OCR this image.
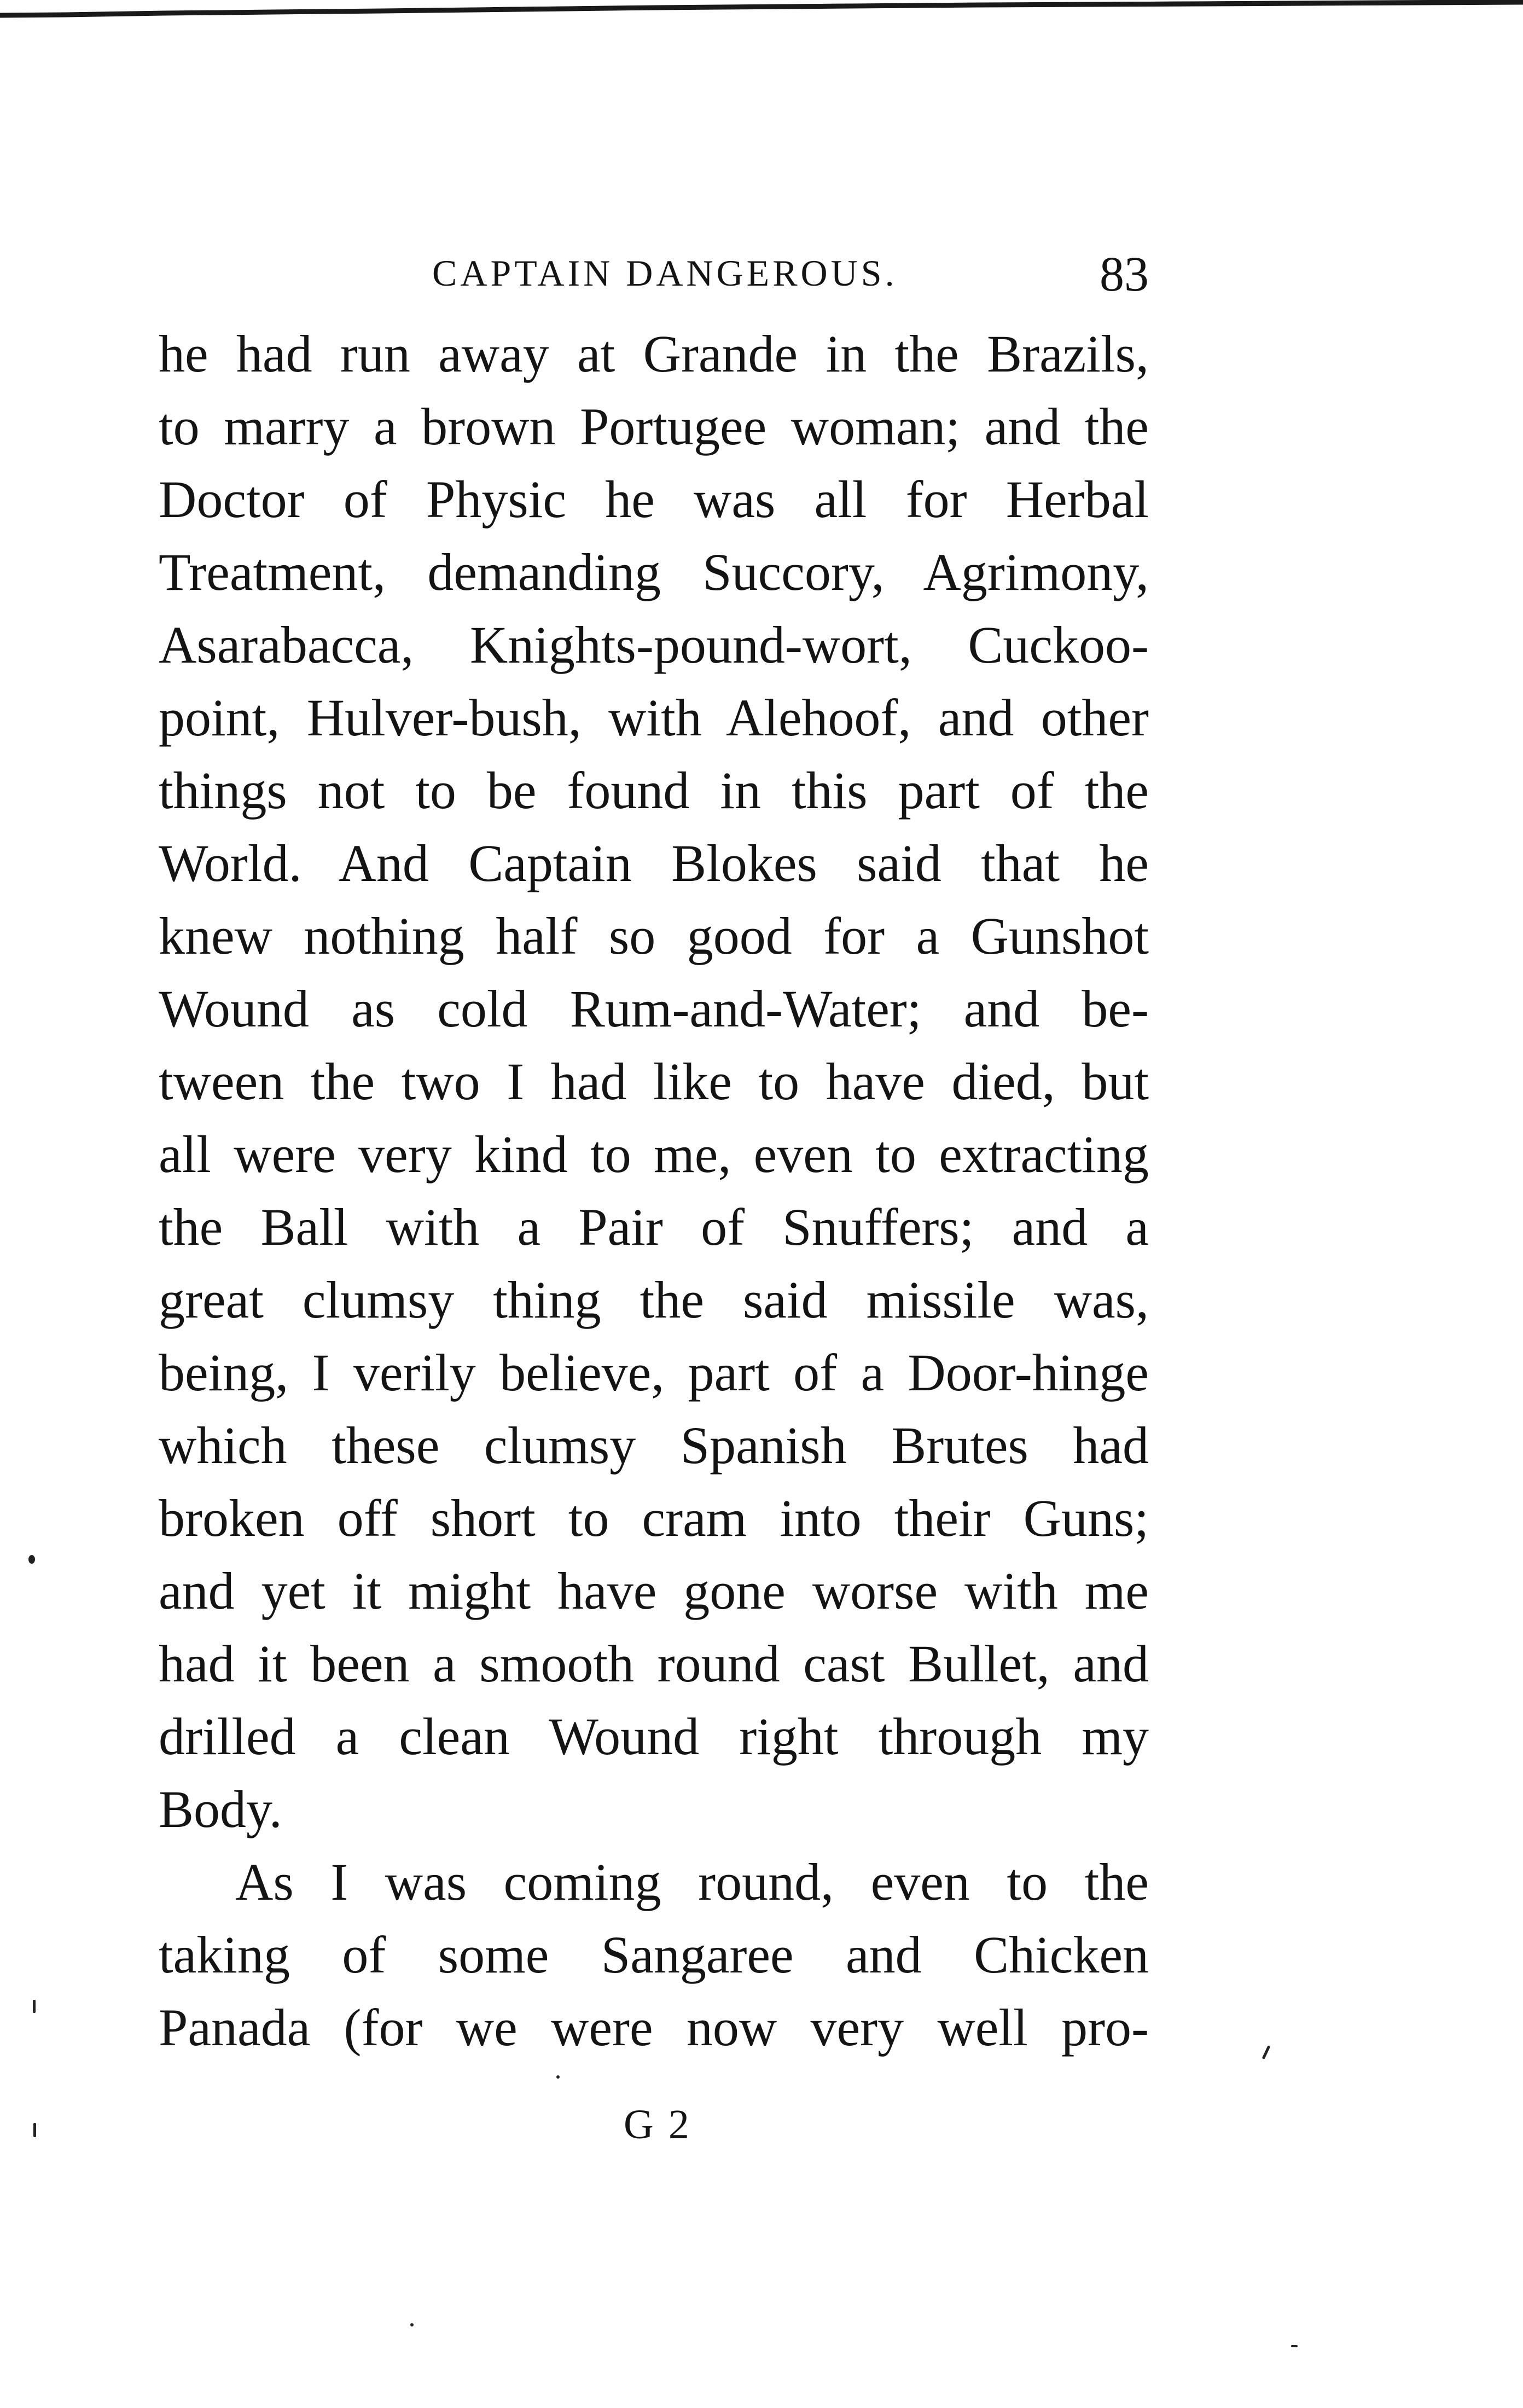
CAPTAIN DANGEROUS.	83
he had run away at Grande in the Brazils,
to marry a brown Portugee woman; and the
Doctor of Physic he was all for Herbal
Treatment, demanding Succory, Agrimony,
Asarabacca, Knights-pound-wort, Cuckoo-
point, Hulver-bush, with Alehoof, and other
things not to be found in this part of the
World. And Captain Blokes said that he
knew nothing half so good for a Gunshot
Wound as cold Rum-and-Water; and be-
tween the two I had like to have died, but
all were very kind to me, even to extracting
the Ball with a Pair of Snuffers; and a
great clumsy thing the said missile was,
being, I verily believe, part of a Door-hinge
which these clumsy Spanish Brutes had
broken off short to cram into their Guns;
and yet it might have gone worse with me
had it been a smooth round cast Bullet, and
drilled a clean Wound right through my
Body.
As I was coming round, even to the
taking of some Sangaree and Chicken
Panada (for we were now very well pro-
G 2
